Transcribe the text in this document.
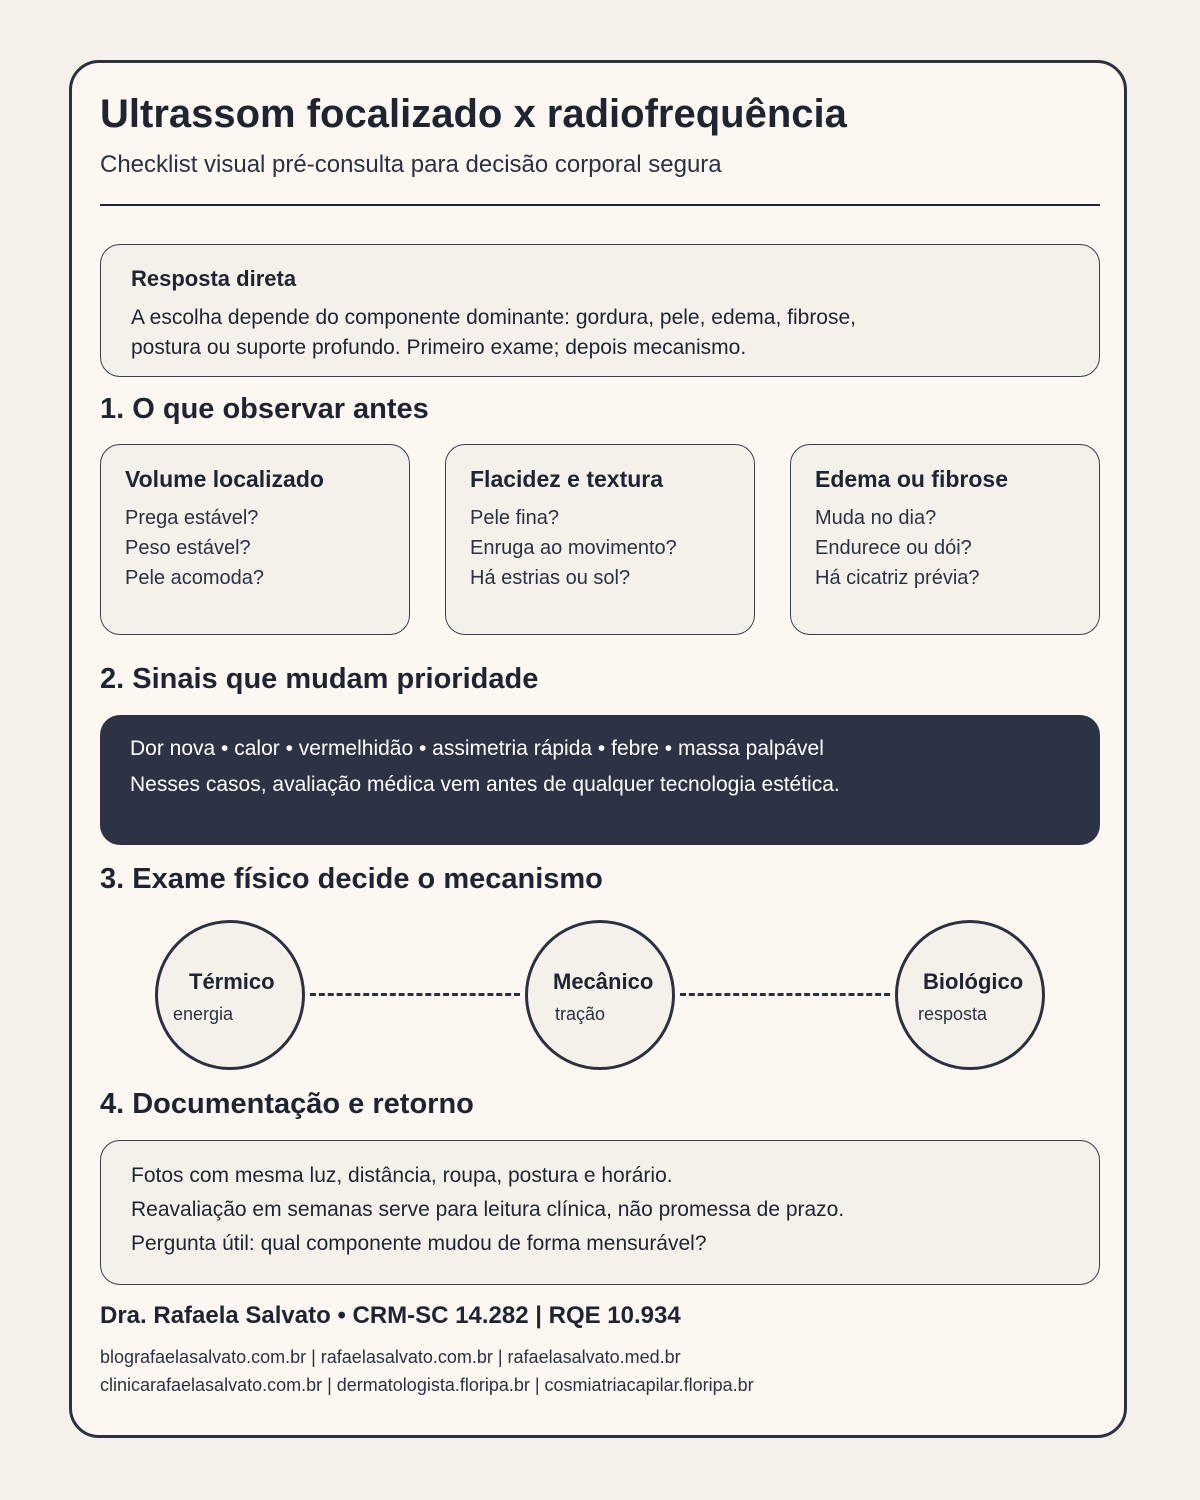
Ultrassom focalizado x radiofrequência
Checklist visual pré-consulta para decisão corporal segura
Resposta direta
A escolha depende do componente dominante: gordura, pele, edema, fibrose,
postura ou suporte profundo. Primeiro exame; depois mecanismo.
1. O que observar antes
Volume localizado
Prega estável?
Peso estável?
Pele acomoda?
Flacidez e textura
Pele fina?
Enruga ao movimento?
Há estrias ou sol?
Edema ou fibrose
Muda no dia?
Endurece ou dói?
Há cicatriz prévia?
2. Sinais que mudam prioridade
Dor nova • calor • vermelhidão • assimetria rápida • febre • massa palpável
Nesses casos, avaliação médica vem antes de qualquer tecnologia estética.
3. Exame físico decide o mecanismo
Térmico
energia
Mecânico
tração
Biológico
resposta
4. Documentação e retorno
Fotos com mesma luz, distância, roupa, postura e horário.
Reavaliação em semanas serve para leitura clínica, não promessa de prazo.
Pergunta útil: qual componente mudou de forma mensurável?
Dra. Rafaela Salvato • CRM-SC 14.282 | RQE 10.934
blografaelasalvato.com.br | rafaelasalvato.com.br | rafaelasalvato.med.br
clinicarafaelasalvato.com.br | dermatologista.floripa.br | cosmiatriacapilar.floripa.br
